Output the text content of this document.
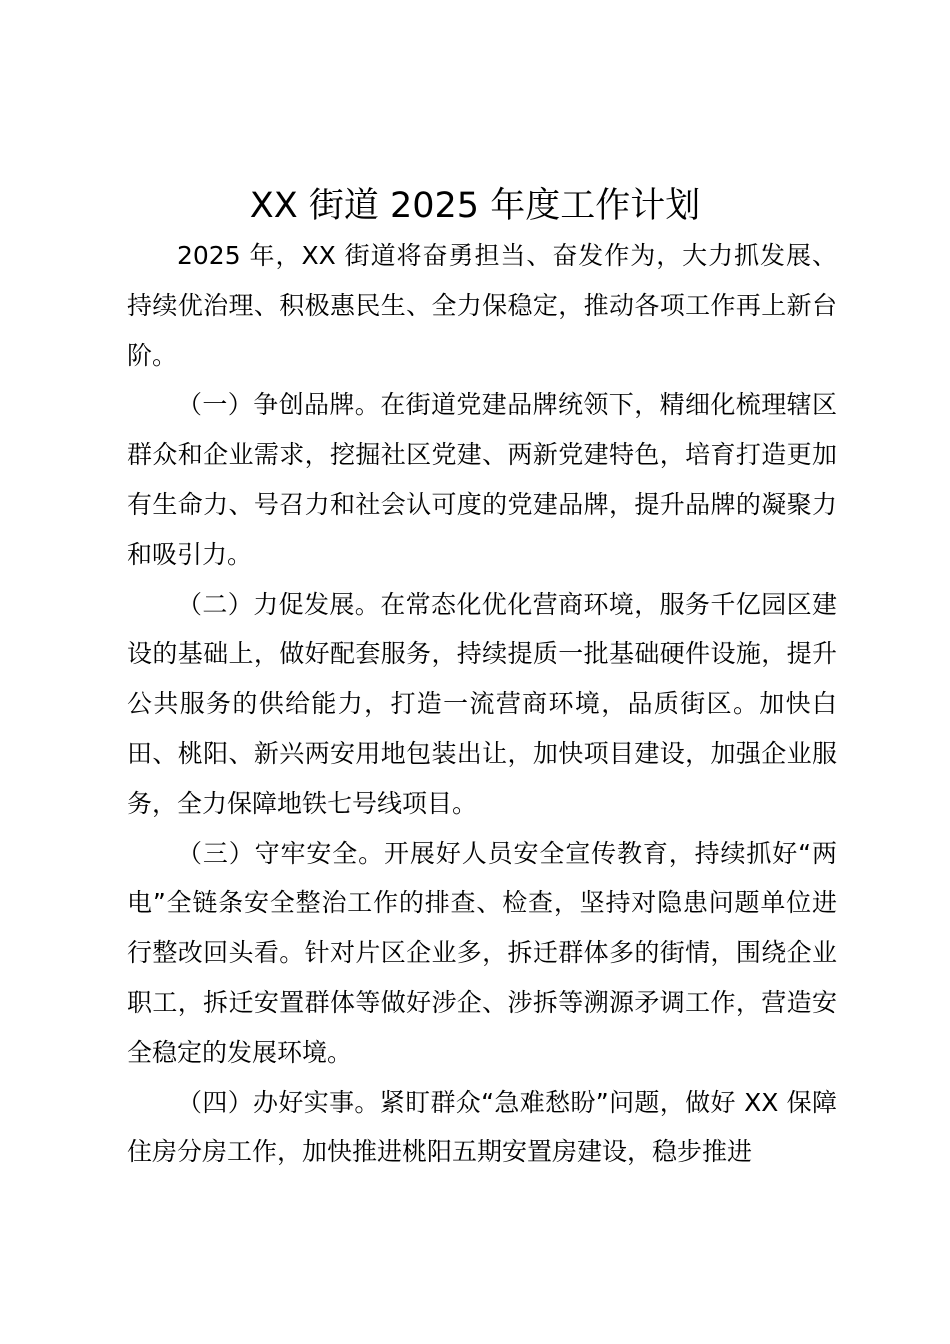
XX 街道 2025 年度工作计划

2025 年，XX 街道将奋勇担当、奋发作为，大力抓发展、持续优治理、积极惠民生、全力保稳定，推动各项工作再上新台阶。

（一）争创品牌。在街道党建品牌统领下，精细化梳理辖区群众和企业需求，挖掘社区党建、两新党建特色，培育打造更加有生命力、号召力和社会认可度的党建品牌，提升品牌的凝聚力和吸引力。

（二）力促发展。在常态化优化营商环境，服务千亿园区建设的基础上，做好配套服务，持续提质一批基础硬件设施，提升公共服务的供给能力，打造一流营商环境，品质街区。加快白田、桃阳、新兴两安用地包装出让，加快项目建设，加强企业服务，全力保障地铁七号线项目。

（三）守牢安全。开展好人员安全宣传教育，持续抓好“两电”全链条安全整治工作的排查、检查，坚持对隐患问题单位进行整改回头看。针对片区企业多，拆迁群体多的街情，围绕企业职工，拆迁安置群体等做好涉企、涉拆等溯源矛调工作，营造安全稳定的发展环境。

（四）办好实事。紧盯群众“急难愁盼”问题，做好 XX 保障住房分房工作，加快推进桃阳五期安置房建设，稳步推进
